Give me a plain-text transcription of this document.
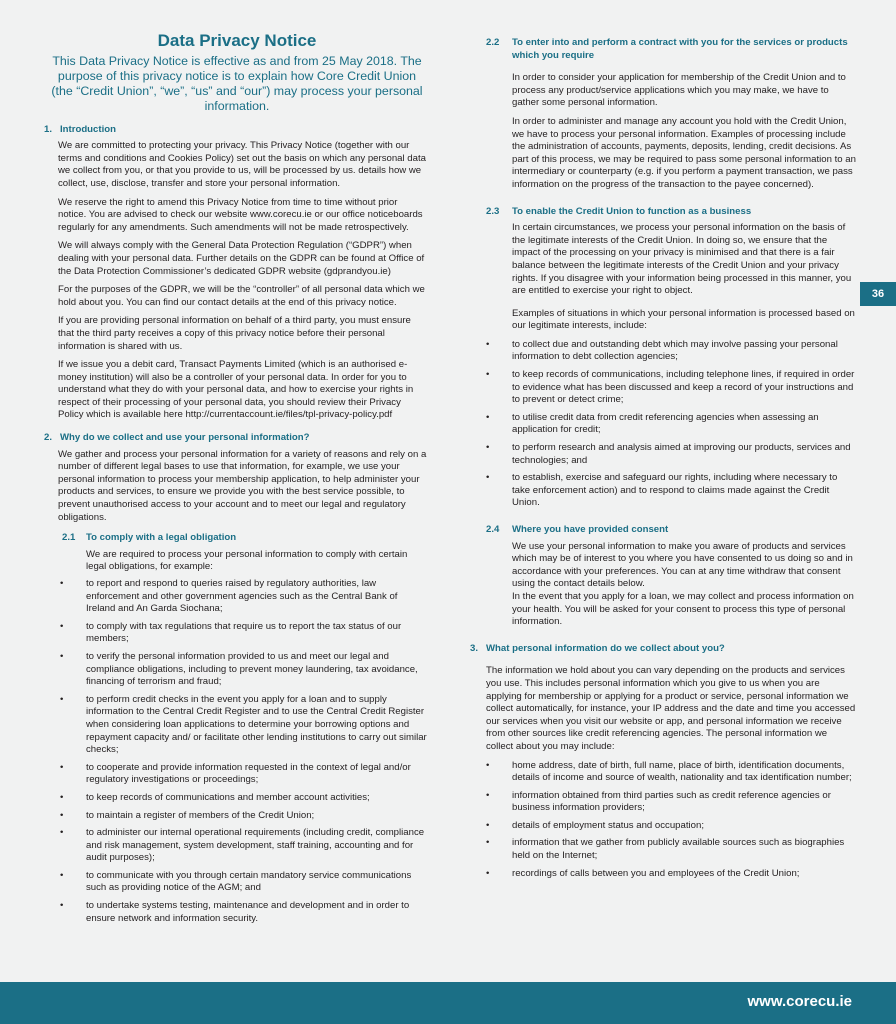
Data Privacy Notice

This Data Privacy Notice is effective as and from 25 May 2018. The purpose of this privacy notice is to explain how Core Credit Union (the “Credit Union”, “we”, “us” and “our”) may process your personal information.

1. Introduction

We are committed to protecting your privacy. This Privacy Notice (together with our terms and conditions and Cookies Policy) set out the basis on which any personal data we collect from you, or that you provide to us, will be processed by us. details how we collect, use, disclose, transfer and store your personal information.

We reserve the right to amend this Privacy Notice from time to time without prior notice. You are advised to check our website www.corecu.ie or our office noticeboards regularly for any amendments. Such amendments will not be made retrospectively.

We will always comply with the General Data Protection Regulation (“GDPR”) when dealing with your personal data. Further details on the GDPR can be found at Office of the Data Protection Commissioner’s dedicated GDPR website (gdprandyou.ie)

For the purposes of the GDPR, we will be the “controller” of all personal data which we hold about you. You can find our contact details at the end of this privacy notice.

If you are providing personal information on behalf of a third party, you must ensure that the third party receives a copy of this privacy notice before their personal information is shared with us.

If we issue you a debit card, Transact Payments Limited (which is an authorised e-money institution) will also be a controller of your personal data. In order for you to understand what they do with your personal data, and how to exercise your rights in respect of their processing of your personal data, you should review their Privacy Policy which is available here http://currentaccount.ie/files/tpl-privacy-policy.pdf

2. Why do we collect and use your personal information?

We gather and process your personal information for a variety of reasons and rely on a number of different legal bases to use that information, for example, we use your personal information to process your membership application, to help administer your products and services, to ensure we provide you with the best service possible, to prevent unauthorised access to your account and to meet our legal and regulatory obligations.

2.1	To comply with a legal obligation

We are required to process your personal information to comply with certain legal obligations, for example:

• to report and respond to queries raised by regulatory authorities, law enforcement and other government agencies such as the Central Bank of Ireland and An Garda Siochana;
• to comply with tax regulations that require us to report the tax status of our members;
• to verify the personal information provided to us and meet our legal and compliance obligations, including to prevent money laundering, tax avoidance, financing of terrorism and fraud;
• to perform credit checks in the event you apply for a loan and to supply information to the Central Credit Register and to use the Central Credit Register when considering loan applications to determine your borrowing options and repayment capacity and/ or facilitate other lending institutions to carry out similar checks;
• to cooperate and provide information requested in the context of legal and/or regulatory investigations or proceedings;
• to keep records of communications and member account activities;
• to maintain a register of members of the Credit Union;
• to administer our internal operational requirements (including credit, compliance and risk management, system development, staff training, accounting and for audit purposes);
• to communicate with you through certain mandatory service communications such as providing notice of the AGM; and
• to undertake systems testing, maintenance and development and in order to ensure network and information security.
2.2	To enter into and perform a contract with you for the services or products which you require

In order to consider your application for membership of the Credit Union and to process any product/service applications which you may make, we have to gather some personal information.

In order to administer and manage any account you hold with the Credit Union, we have to process your personal information. Examples of processing include the administration of accounts, payments, deposits, lending, credit decisions. As part of this process, we may be required to pass some personal information to an intermediary or counterparty (e.g. if you perform a payment transaction, we pass information on the progress of the transaction to the payee concerned).

2.3	To enable the Credit Union to function as a business

In certain circumstances, we process your personal information on the basis of the legitimate interests of the Credit Union. In doing so, we ensure that the impact of the processing on your privacy is minimised and that there is a fair balance between the legitimate interests of the Credit Union and your privacy rights. If you disagree with your information being processed in this manner, you are entitled to exercise your right to object.

Examples of situations in which your personal information is processed based on our legitimate interests, include:

• to collect due and outstanding debt which may involve passing your personal information to debt collection agencies;
• to keep records of communications, including telephone lines, if required in order to evidence what has been discussed and keep a record of your instructions and to prevent or detect crime;
• to utilise credit data from credit referencing agencies when assessing an application for credit;
• to perform research and analysis aimed at improving our products, services and technologies; and
• to establish, exercise and safeguard our rights, including where necessary to take enforcement action) and to respond to claims made against the Credit Union.
2.4	Where you have provided consent

We use your personal information to make you aware of products and services which may be of interest to you where you have consented to us doing so and in accordance with your preferences. You can at any time withdraw that consent using the contact details below.

In the event that you apply for a loan, we may collect and process information on your health. You will be asked for your consent to process this type of personal information.

3. What personal information do we collect about you?

The information we hold about you can vary depending on the products and services you use. This includes personal information which you give to us when you are applying for membership or applying for a product or service, personal information we collect automatically, for instance, your IP address and the date and time you accessed our services when you visit our website or app, and personal information we receive from other sources like credit referencing agencies. The personal information we collect about you may include:

• home address, date of birth, full name, place of birth, identification documents, details of income and source of wealth, nationality and tax identification number;
• information obtained from third parties such as credit reference agencies or business information providers;
• details of employment status and occupation;
• information that we gather from publicly available sources such as biographies held on the Internet;
• recordings of calls between you and employees of the Credit Union;
36
www.corecu.ie
